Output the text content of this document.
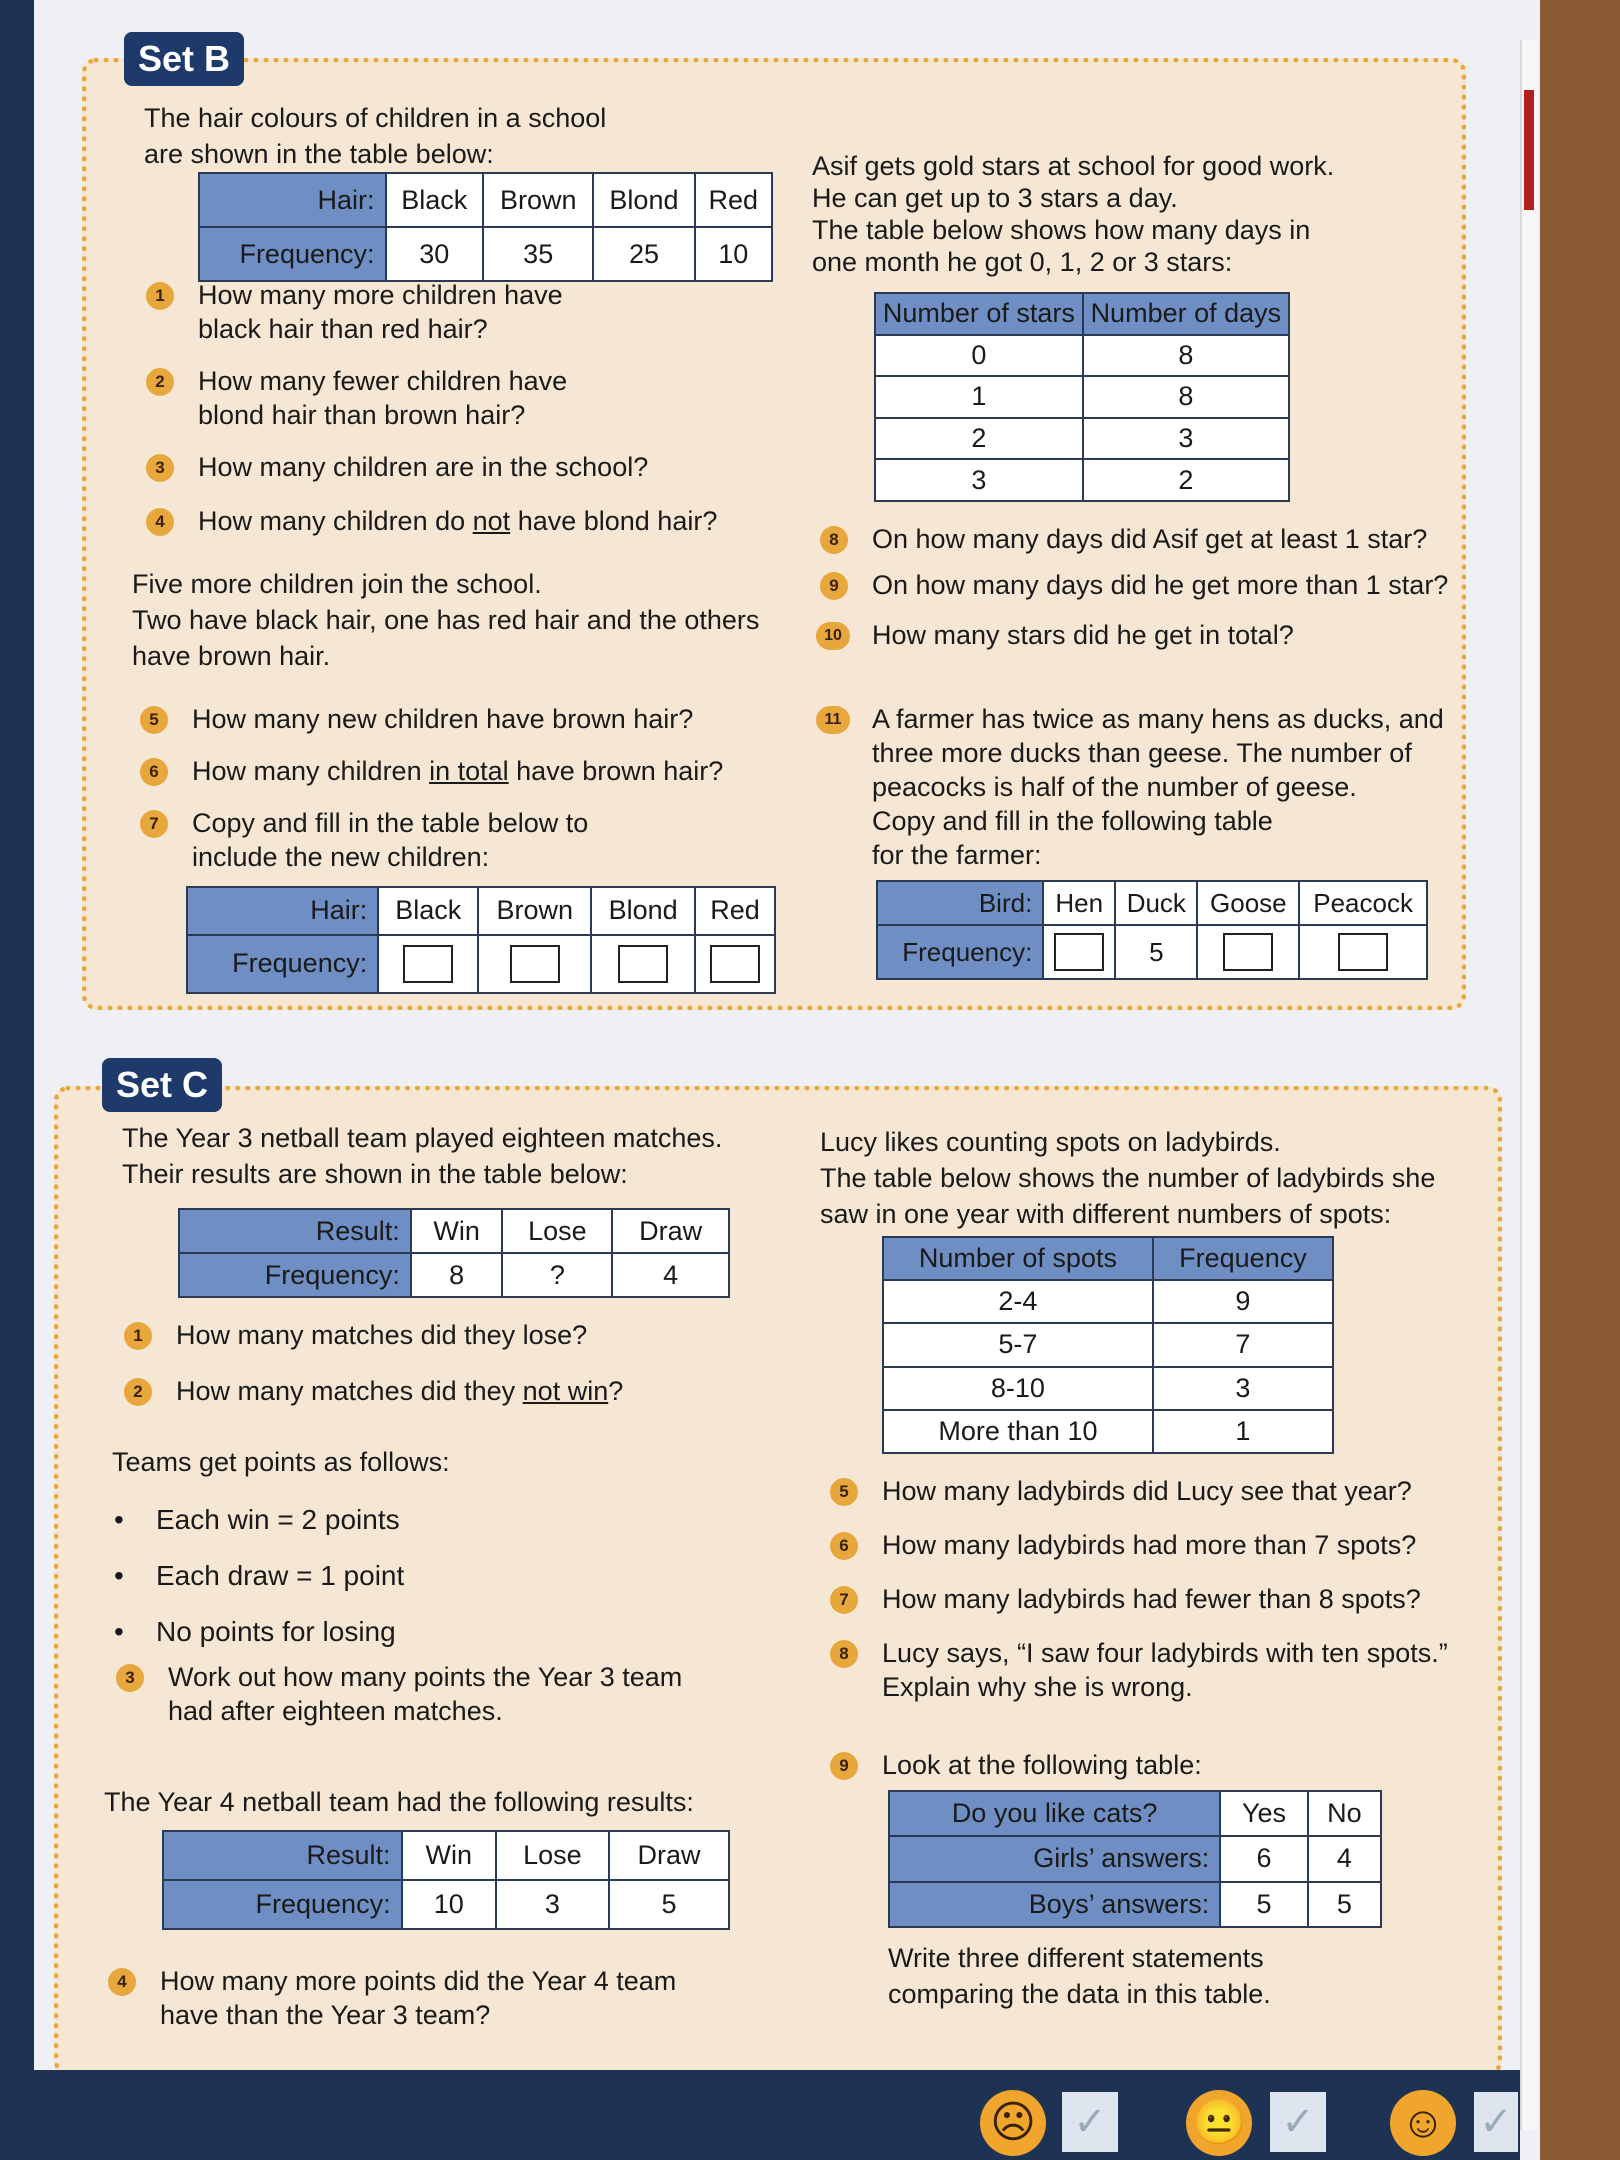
Set B
The hair colours of children in a school
are shown in the table below:
Hair:	Black	Brown	Blond	Red
Frequency:	30	35	25	10
1	How many more children have
black hair than red hair?
2	How many fewer children have
blond hair than brown hair?
3	How many children are in the school?
4	How many children do not have blond hair?
Five more children join the school.
Two have black hair, one has red hair and the others
have brown hair.
5	How many new children have brown hair?
6	How many children in total have brown hair?
7	Copy and fill in the table below to
include the new children:
Hair:	Black	Brown	Blond	Red
Frequency:				
Asif gets gold stars at school for good work.
He can get up to 3 stars a day.
The table below shows how many days in
one month he got 0, 1, 2 or 3 stars:
Number of stars	Number of days
0	8
1	8
2	3
3	2
8	On how many days did Asif get at least 1 star?
9	On how many days did he get more than 1 star?
10	How many stars did he get in total?
11	A farmer has twice as many hens as ducks, and
three more ducks than geese. The number of
peacocks is half of the number of geese.
Copy and fill in the following table
for the farmer:
Bird:	Hen	Duck	Goose	Peacock
Frequency:		5		
Set C
The Year 3 netball team played eighteen matches.
Their results are shown in the table below:
Result:	Win	Lose	Draw
Frequency:	8	?	4
1	How many matches did they lose?
2	How many matches did they not win?
Teams get points as follows:
• Each win = 2 points
• Each draw = 1 point
• No points for losing
3	Work out how many points the Year 3 team
had after eighteen matches.
The Year 4 netball team had the following results:
Result:	Win	Lose	Draw
Frequency:	10	3	5
4	How many more points did the Year 4 team
have than the Year 3 team?
Lucy likes counting spots on ladybirds.
The table below shows the number of ladybirds she
saw in one year with different numbers of spots:
Number of spots	Frequency
2-4	9
5-7	7
8-10	3
More than 10	1
5	How many ladybirds did Lucy see that year?
6	How many ladybirds had more than 7 spots?
7	How many ladybirds had fewer than 8 spots?
8	Lucy says, “I saw four ladybirds with ten spots.”
Explain why she is wrong.
9	Look at the following table:
Do you like cats?	Yes	No
Girls’ answers:	6	4
Boys’ answers:	5	5
Write three different statements
comparing the data in this table.
☹ ✓ 😐 ✓ ☺ ✓
